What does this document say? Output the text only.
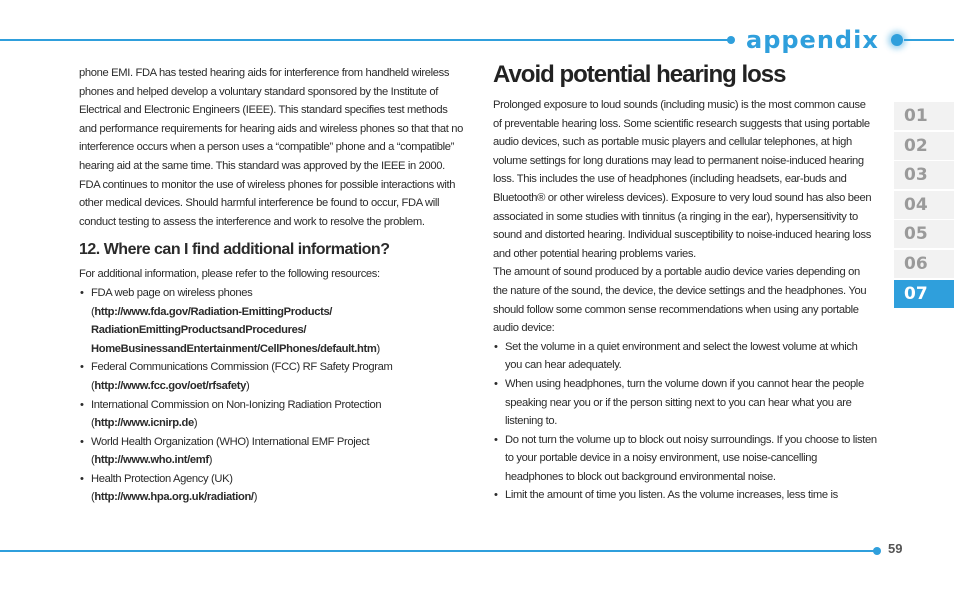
appendix
01
02
03
04
05
06
07

phone EMI. FDA has tested hearing aids for interference from handheld wireless phones and helped develop a voluntary standard sponsored by the Institute of Electrical and Electronic Engineers (IEEE). This standard specifies test methods and performance requirements for hearing aids and wireless phones so that that no interference occurs when a person uses a “compatible” phone and a “compatible” hearing aid at the same time. This standard was approved by the IEEE in 2000. FDA continues to monitor the use of wireless phones for possible interactions with other medical devices. Should harmful interference be found to occur, FDA will conduct testing to assess the interference and work to resolve the problem.

12. Where can I find additional information?

For additional information, please refer to the following resources:

• FDA web page on wireless phones
(http://www.fda.gov/Radiation-EmittingProducts/ RadiationEmittingProductsandProcedures/ HomeBusinessandEntertainment/CellPhones/default.htm)
• Federal Communications Commission (FCC) RF Safety Program
(http://www.fcc.gov/oet/rfsafety)
• International Commission on Non-Ionizing Radiation Protection
(http://www.icnirp.de)
• World Health Organization (WHO) International EMF Project
(http://www.who.int/emf)
• Health Protection Agency (UK)
(http://www.hpa.org.uk/radiation/)
Avoid potential hearing loss

Prolonged exposure to loud sounds (including music) is the most common cause of preventable hearing loss. Some scientific research suggests that using portable audio devices, such as portable music players and cellular telephones, at high volume settings for long durations may lead to permanent noise-induced hearing loss. This includes the use of headphones (including headsets, ear-buds and Bluetooth® or other wireless devices). Exposure to very loud sound has also been associated in some studies with tinnitus (a ringing in the ear), hypersensitivity to sound and distorted hearing. Individual susceptibility to noise-induced hearing loss and other potential hearing problems varies.

The amount of sound produced by a portable audio device varies depending on the nature of the sound, the device, the device settings and the headphones. You should follow some common sense recommendations when using any portable audio device:

• Set the volume in a quiet environment and select the lowest volume at which you can hear adequately.
• When using headphones, turn the volume down if you cannot hear the people speaking near you or if the person sitting next to you can hear what you are listening to.
• Do not turn the volume up to block out noisy surroundings. If you choose to listen to your portable device in a noisy environment, use noise-cancelling headphones to block out background environmental noise.
• Limit the amount of time you listen. As the volume increases, less time is
59
